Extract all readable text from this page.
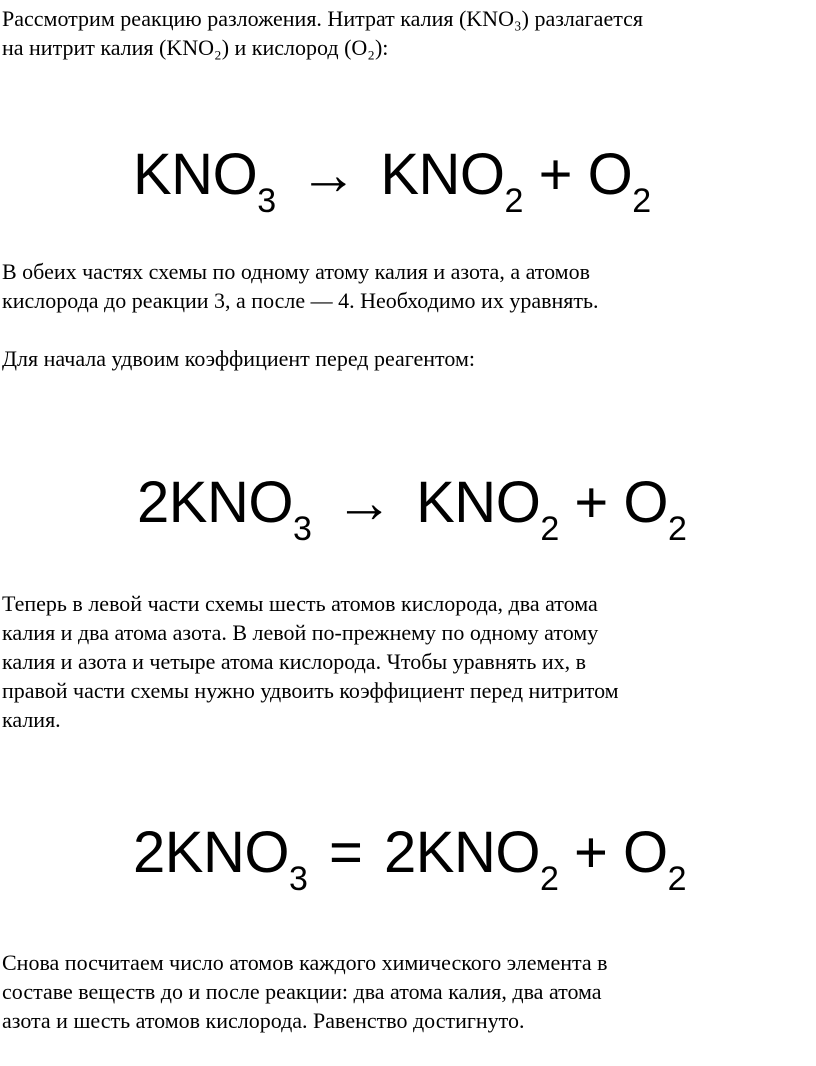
Рассмотрим реакцию разложения. Нитрат калия (KNO₃) разлагается
на нитрит калия (KNO₂) и кислород (O₂):

$KNO_3 \to KNO_2 + O_2$

В обеих частях схемы по одному атому калия и азота, а атомов
кислорода до реакции 3, а после — 4. Необходимо их уравнять.

Для начала удвоим коэффициент перед реагентом:

$2KNO_3 \to KNO_2 + O_2$

Теперь в левой части схемы шесть атомов кислорода, два атома
калия и два атома азота. В левой по-прежнему по одному атому
калия и азота и четыре атома кислорода. Чтобы уравнять их, в
правой части схемы нужно удвоить коэффициент перед нитритом
калия.

$2KNO_3 = 2KNO_2 + O_2$

Снова посчитаем число атомов каждого химического элемента в
составе веществ до и после реакции: два атома калия, два атома
азота и шесть атомов кислорода. Равенство достигнуто.
